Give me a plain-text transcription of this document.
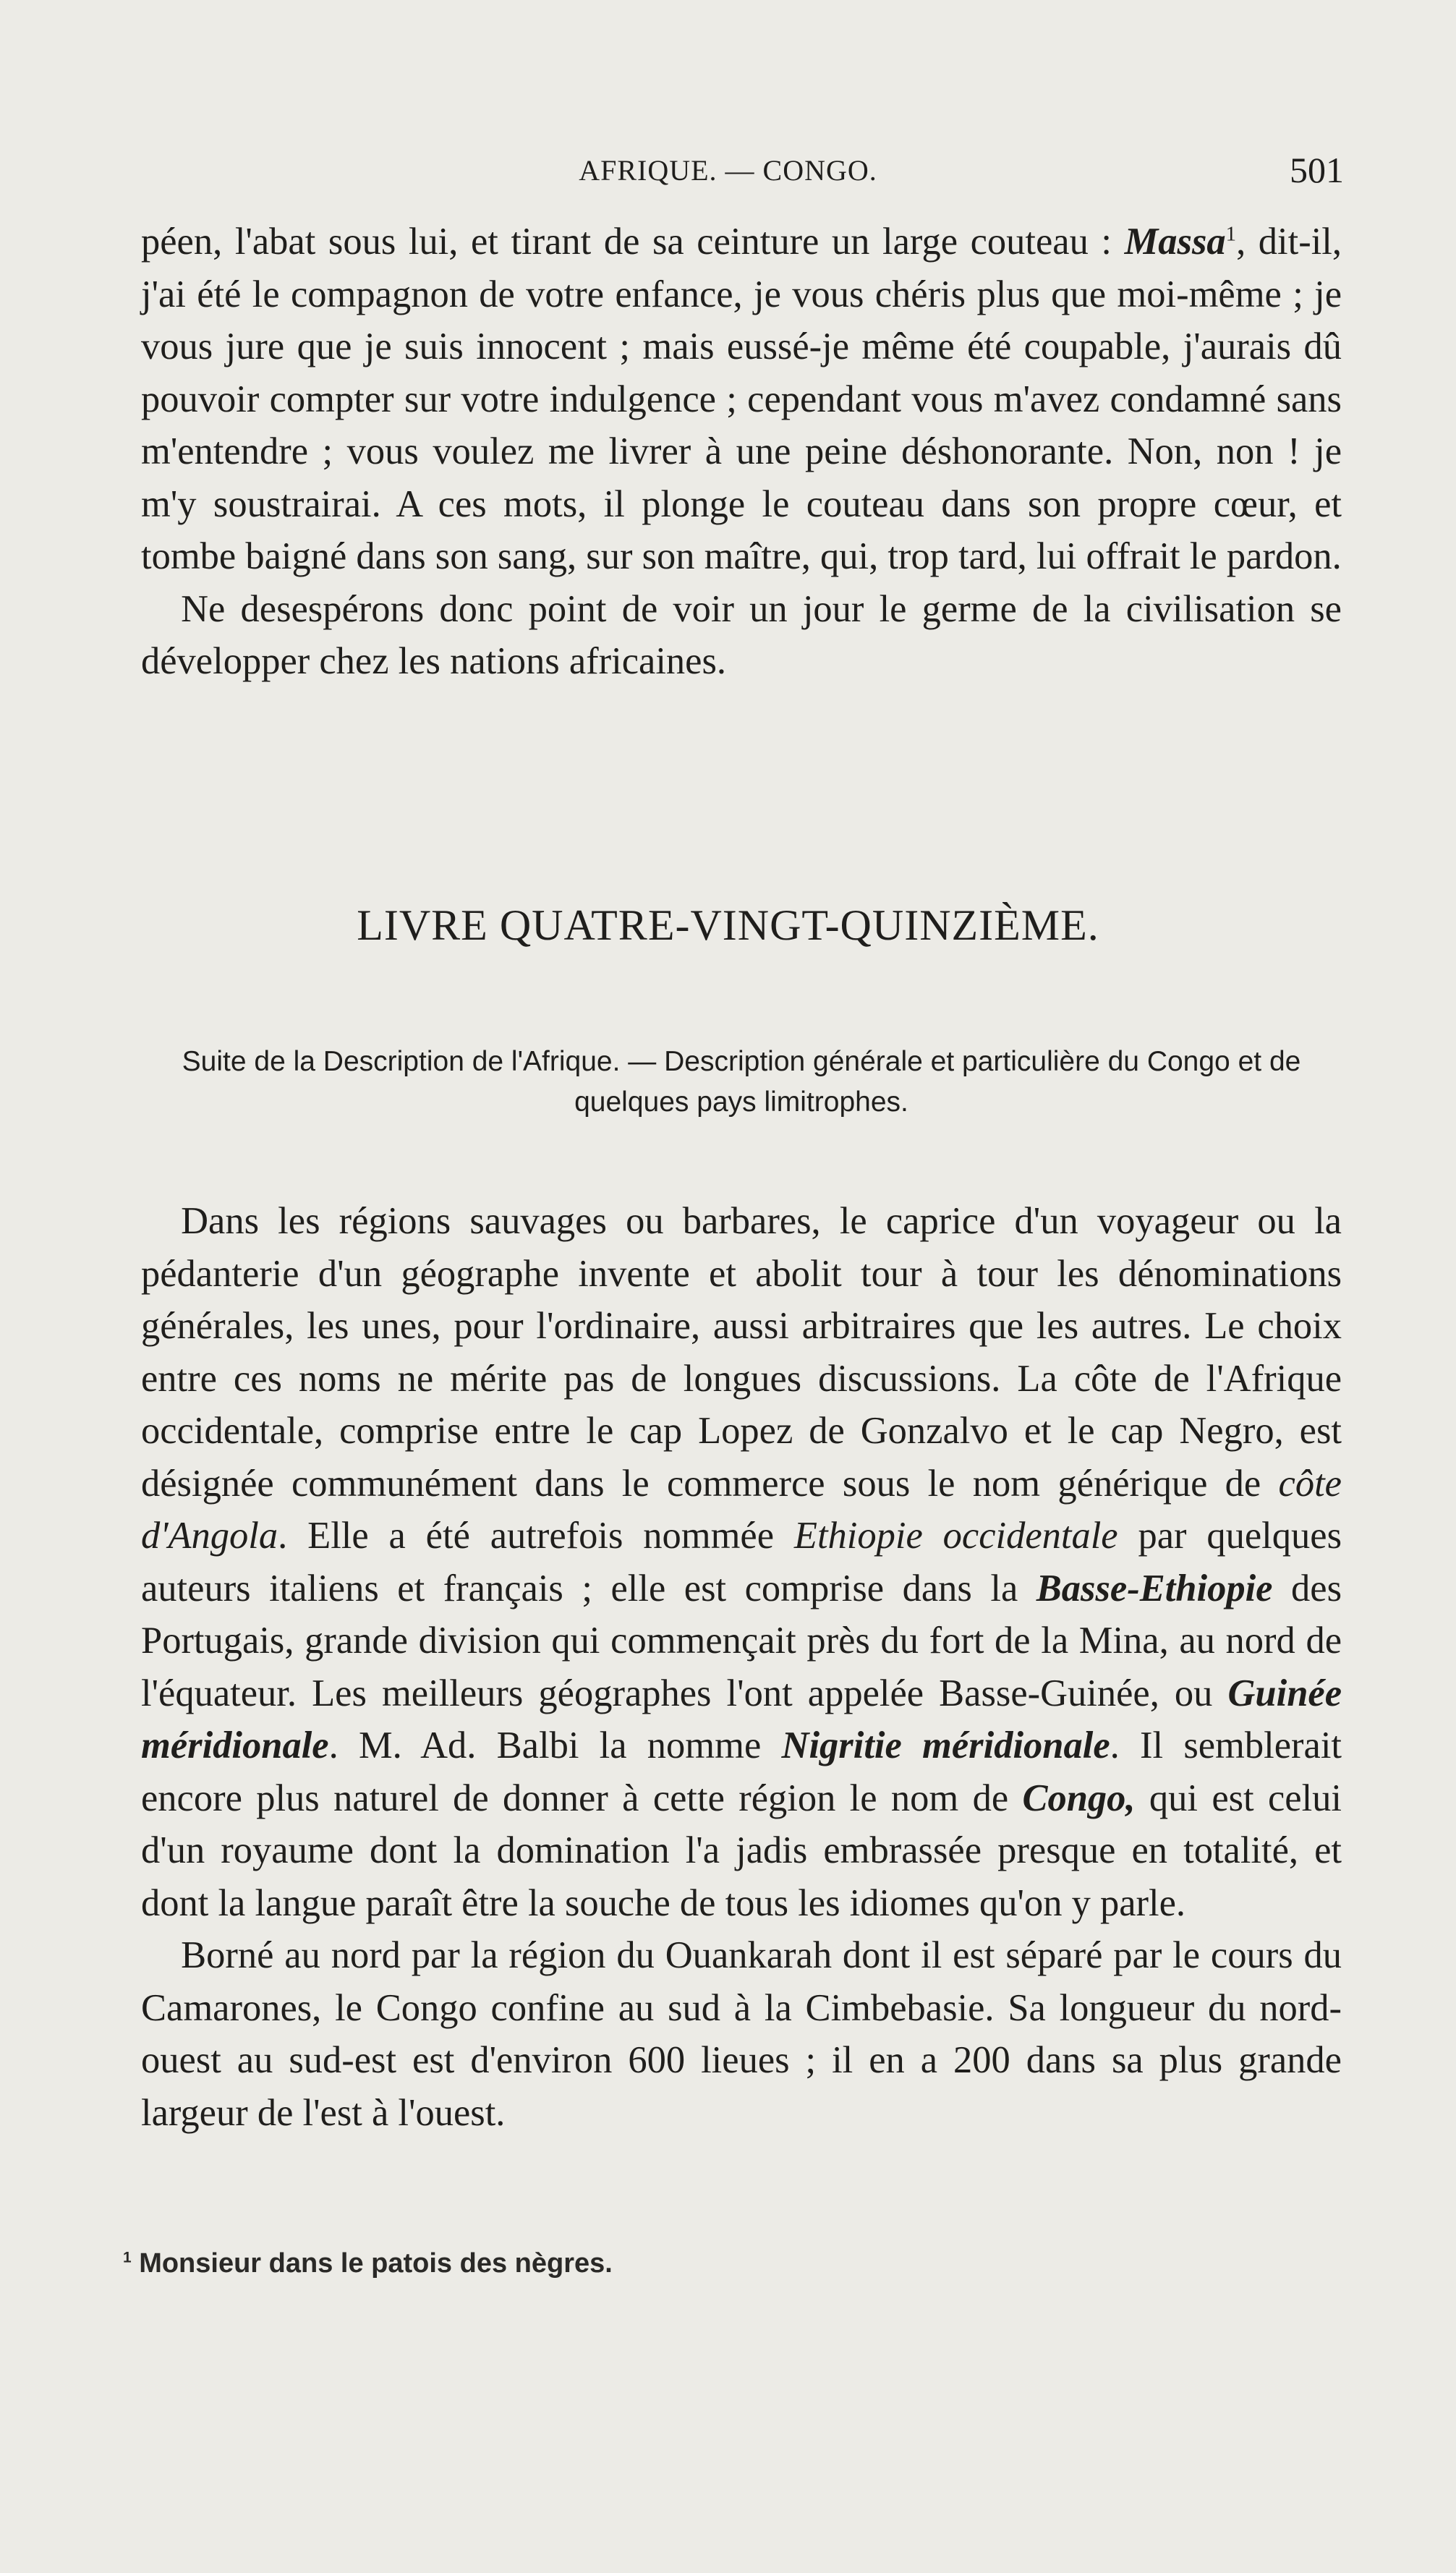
AFRIQUE. — CONGO.	501

péen, l'abat sous lui, et tirant de sa ceinture un large couteau : Massa$^1$, dit-il, j'ai été le compagnon de votre enfance, je vous chéris plus que moi-même ; je vous jure que je suis innocent ; mais eussé-je même été coupable, j'aurais dû pouvoir compter sur votre indulgence ; cependant vous m'avez condamné sans m'entendre ; vous voulez me livrer à une peine déshonorante. Non, non ! je m'y soustrairai. A ces mots, il plonge le couteau dans son propre cœur, et tombe baigné dans son sang, sur son maître, qui, trop tard, lui offrait le pardon.

Ne desespérons donc point de voir un jour le germe de la civilisation se développer chez les nations africaines.

LIVRE QUATRE-VINGT-QUINZIÈME.
Suite de la Description de l'Afrique. — Description générale et particulière du Congo et de quelques pays limitrophes.

Dans les régions sauvages ou barbares, le caprice d'un voyageur ou la pédanterie d'un géographe invente et abolit tour à tour les dénominations générales, les unes, pour l'ordinaire, aussi arbitraires que les autres. Le choix entre ces noms ne mérite pas de longues discussions. La côte de l'Afrique occidentale, comprise entre le cap Lopez de Gonzalvo et le cap Negro, est désignée communément dans le commerce sous le nom générique de côte d'Angola. Elle a été autrefois nommée Ethiopie occidentale par quelques auteurs italiens et français ; elle est comprise dans la Basse-Ethiopie des Portugais, grande division qui commençait près du fort de la Mina, au nord de l'équateur. Les meilleurs géographes l'ont appelée Basse-Guinée, ou Guinée méridionale. M. Ad. Balbi la nomme Nigritie méridionale. Il semblerait encore plus naturel de donner à cette région le nom de Congo, qui est celui d'un royaume dont la domination l'a jadis embrassée presque en totalité, et dont la langue paraît être la souche de tous les idiomes qu'on y parle.

Borné au nord par la région du Ouankarah dont il est séparé par le cours du Camarones, le Congo confine au sud à la Cimbebasie. Sa longueur du nord-ouest au sud-est est d'environ 600 lieues ; il en a 200 dans sa plus grande largeur de l'est à l'ouest.

$^1$ Monsieur dans le patois des nègres.
